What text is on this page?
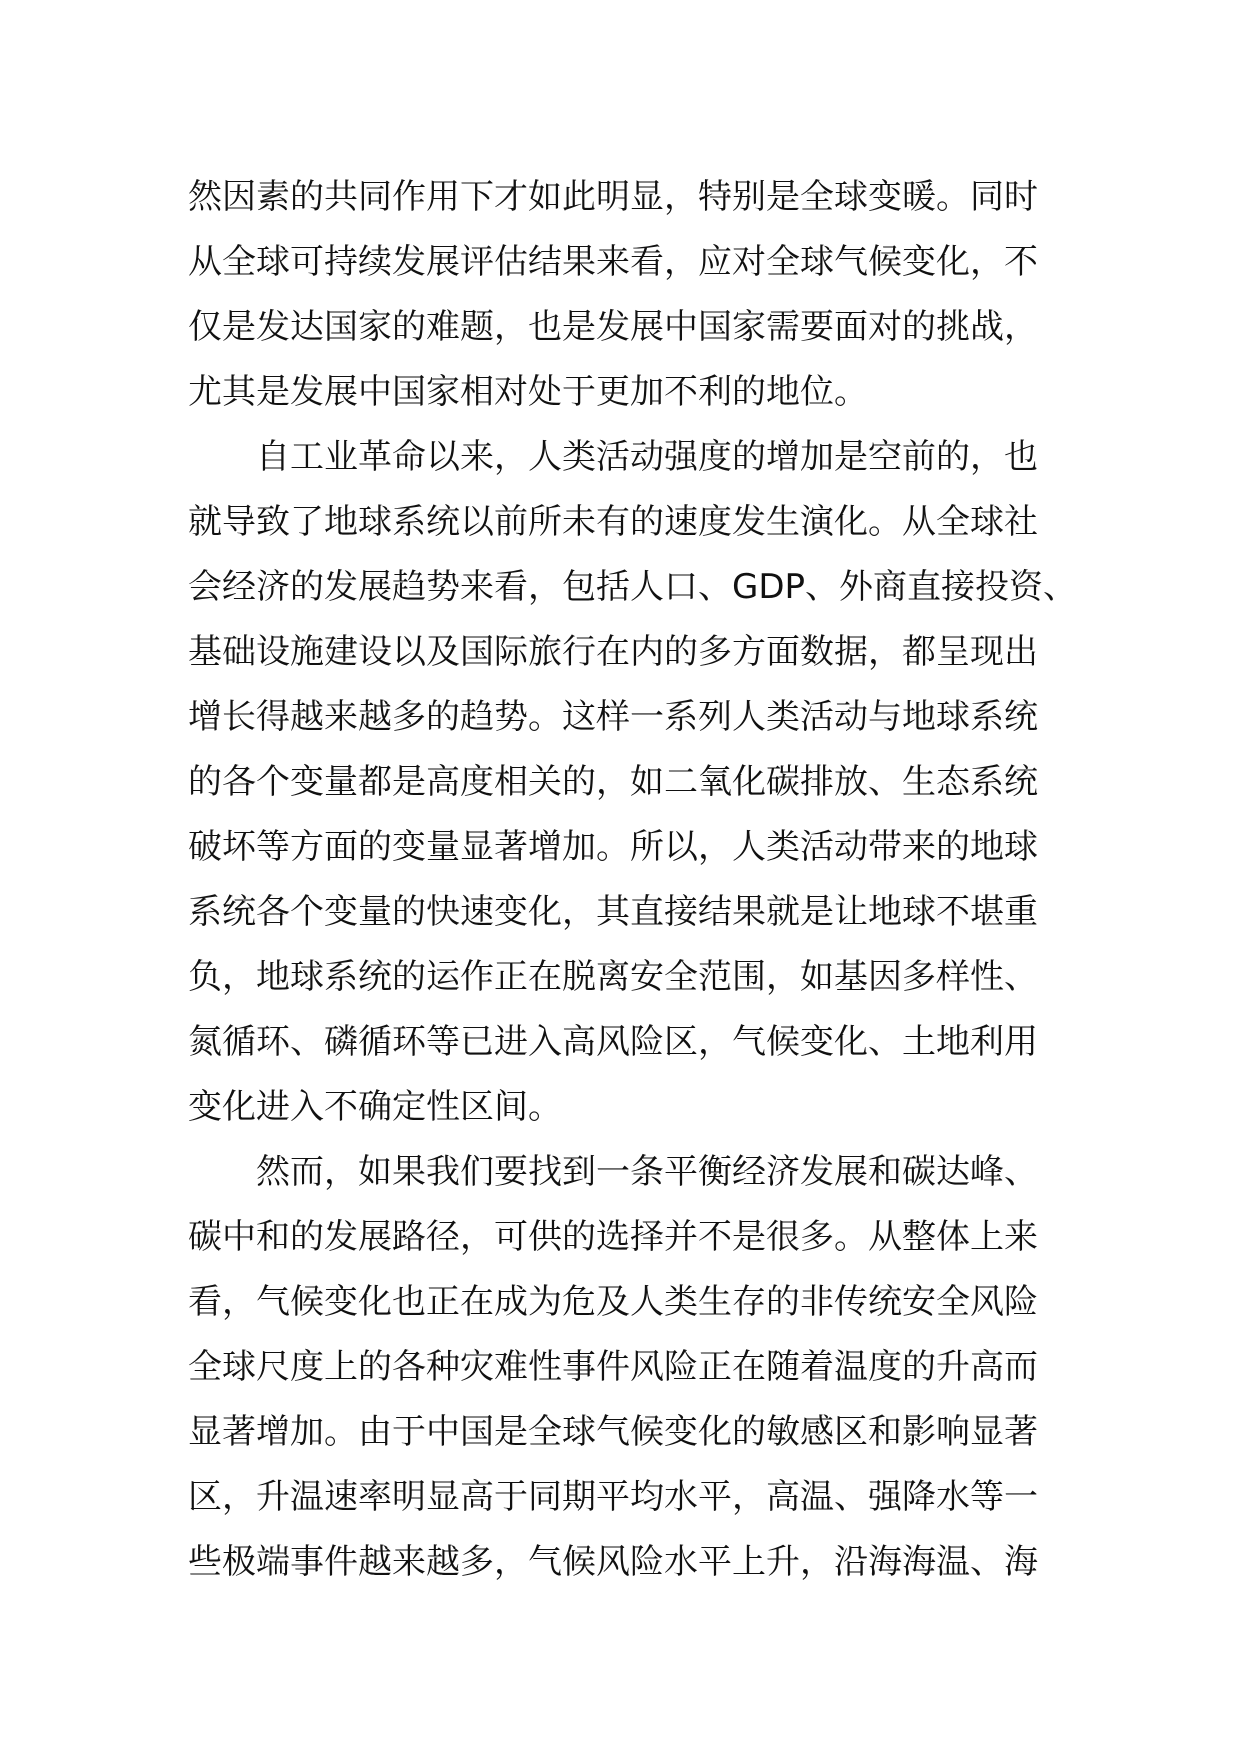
然因素的共同作用下才如此明显，特别是全球变暖。同时
从全球可持续发展评估结果来看，应对全球气候变化，不
仅是发达国家的难题，也是发展中国家需要面对的挑战，
尤其是发展中国家相对处于更加不利的地位。
自工业革命以来，人类活动强度的增加是空前的，也
就导致了地球系统以前所未有的速度发生演化。从全球社
会经济的发展趋势来看，包括人口、GDP、外商直接投资、
基础设施建设以及国际旅行在内的多方面数据，都呈现出
增长得越来越多的趋势。这样一系列人类活动与地球系统
的各个变量都是高度相关的，如二氧化碳排放、生态系统
破坏等方面的变量显著增加。所以，人类活动带来的地球
系统各个变量的快速变化，其直接结果就是让地球不堪重
负，地球系统的运作正在脱离安全范围，如基因多样性、
氮循环、磷循环等已进入高风险区，气候变化、土地利用
变化进入不确定性区间。
然而，如果我们要找到一条平衡经济发展和碳达峰、
碳中和的发展路径，可供的选择并不是很多。从整体上来
看，气候变化也正在成为危及人类生存的非传统安全风险
全球尺度上的各种灾难性事件风险正在随着温度的升高而
显著增加。由于中国是全球气候变化的敏感区和影响显著
区，升温速率明显高于同期平均水平，高温、强降水等一
些极端事件越来越多，气候风险水平上升，沿海海温、海
